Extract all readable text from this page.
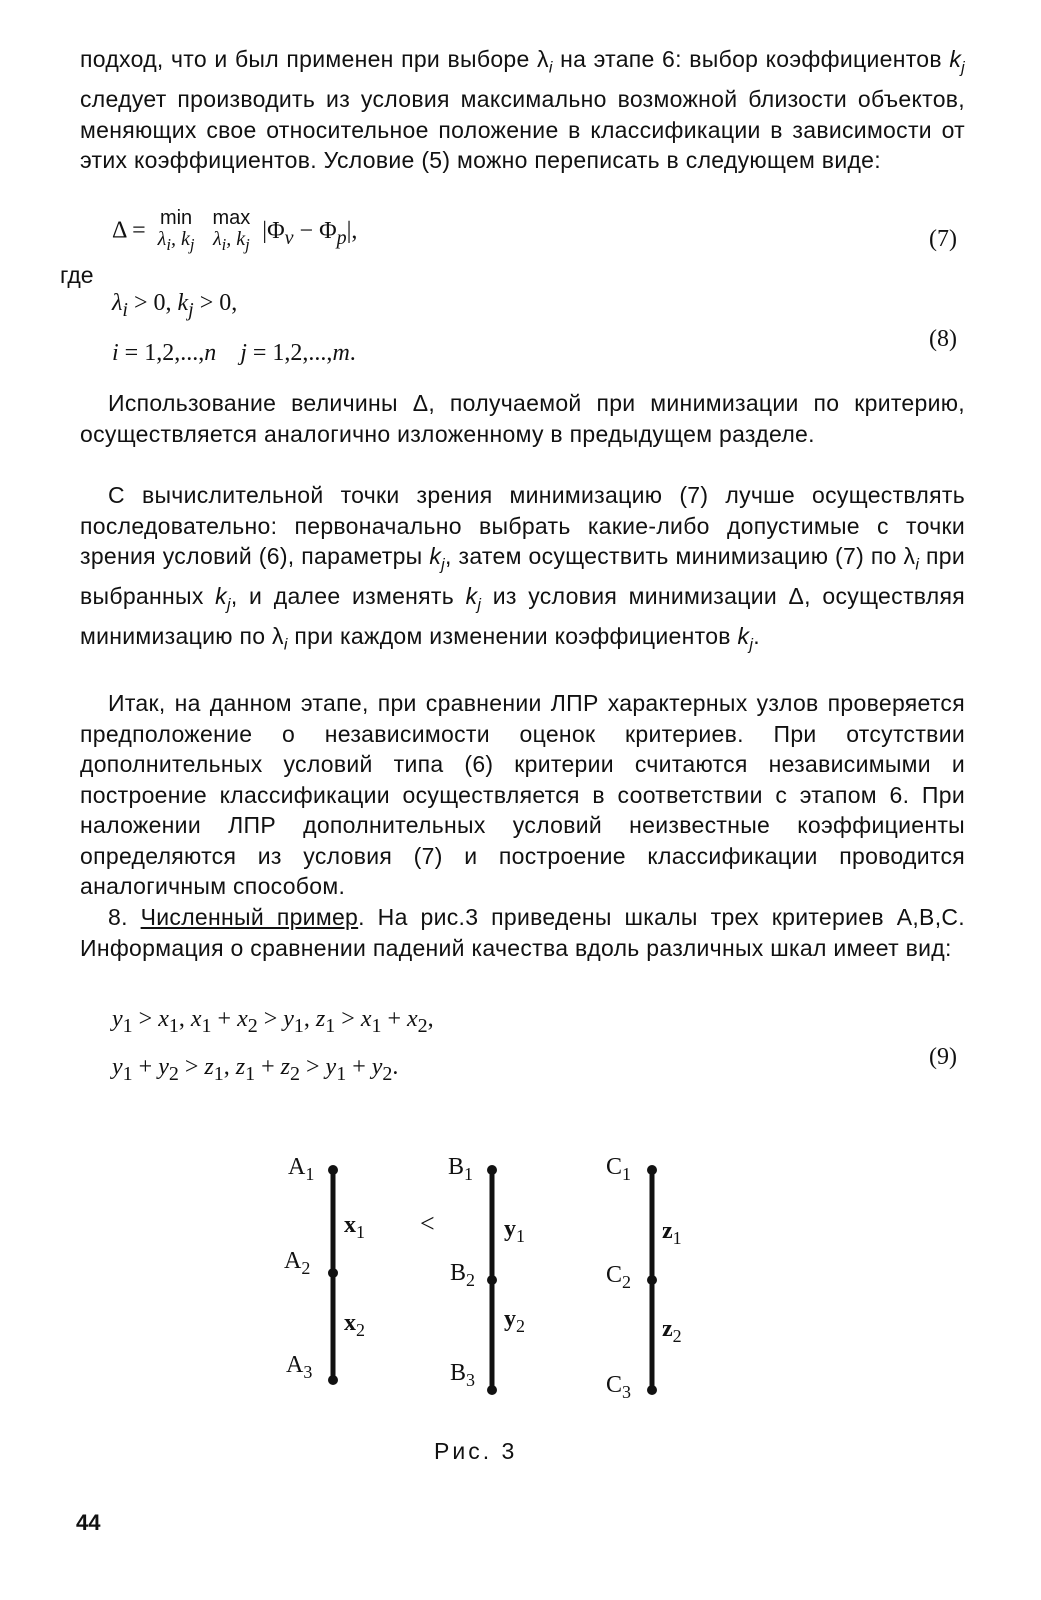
подход, что и был применен при выборе $\lambda_i$ на этапе 6: выбор коэффициентов $k_j$ следует производить из условия максимально возможной близости объектов, меняющих свое относительное положение в классификации в зависимости от этих коэффициентов. Условие (5) можно переписать в следующем виде:
Δ = min
$\lambda_i$, $k_j$

max
$\lambda_i$, $k_j$
$|\Phi_\nu - \Phi_p|$,	(7)
где
$\lambda_i > 0$, $k_j > 0$,
i = 1,2,...,n j = 1,2,...,m.
(8)
Использование величины Δ, получаемой при минимизации по критерию, осуществляется аналогично изложенному в предыдущем разделе.
С вычислительной точки зрения минимизацию (7) лучше осуществлять последовательно: первоначально выбрать какие-либо допустимые с точки зрения условий (6), параметры $k_j$, затем осуществить минимизацию (7) по $\lambda_i$ при выбранных $k_j$, и далее изменять $k_j$ из условия минимизации Δ, осуществляя минимизацию по $\lambda_i$ при каждом изменении коэффициентов $k_j$.
Итак, на данном этапе, при сравнении ЛПР характерных узлов проверяется предположение о независимости оценок критериев. При отсутствии дополнительных условий типа (6) критерии считаются независимыми и построение классификации осуществляется в соответствии с этапом 6. При наложении ЛПР дополнительных условий неизвестные коэффициенты определяются из условия (7) и построение классификации проводится аналогичным способом.
8. Численный пример. На рис.3 приведены шкалы трех критериев А,В,С. Информация о сравнении падений качества вдоль различных шкал имеет вид:
$y_1 > x_1$, $x_1 + x_2 > y_1$, $z_1 > x_1 + x_2$,
$y_1 + y_2 > z_1$, $z_1 + z_2 > y_1 + y_2$.	(9)
$A_1$
$A_2$
$A_3$
$x_1$
$x_2$
<
$B_1$
$B_2$
$B_3$
$y_1$
$y_2$
$C_1$
$C_2$
$C_3$
$z_1$
$z_2$
Рис. 3
44
